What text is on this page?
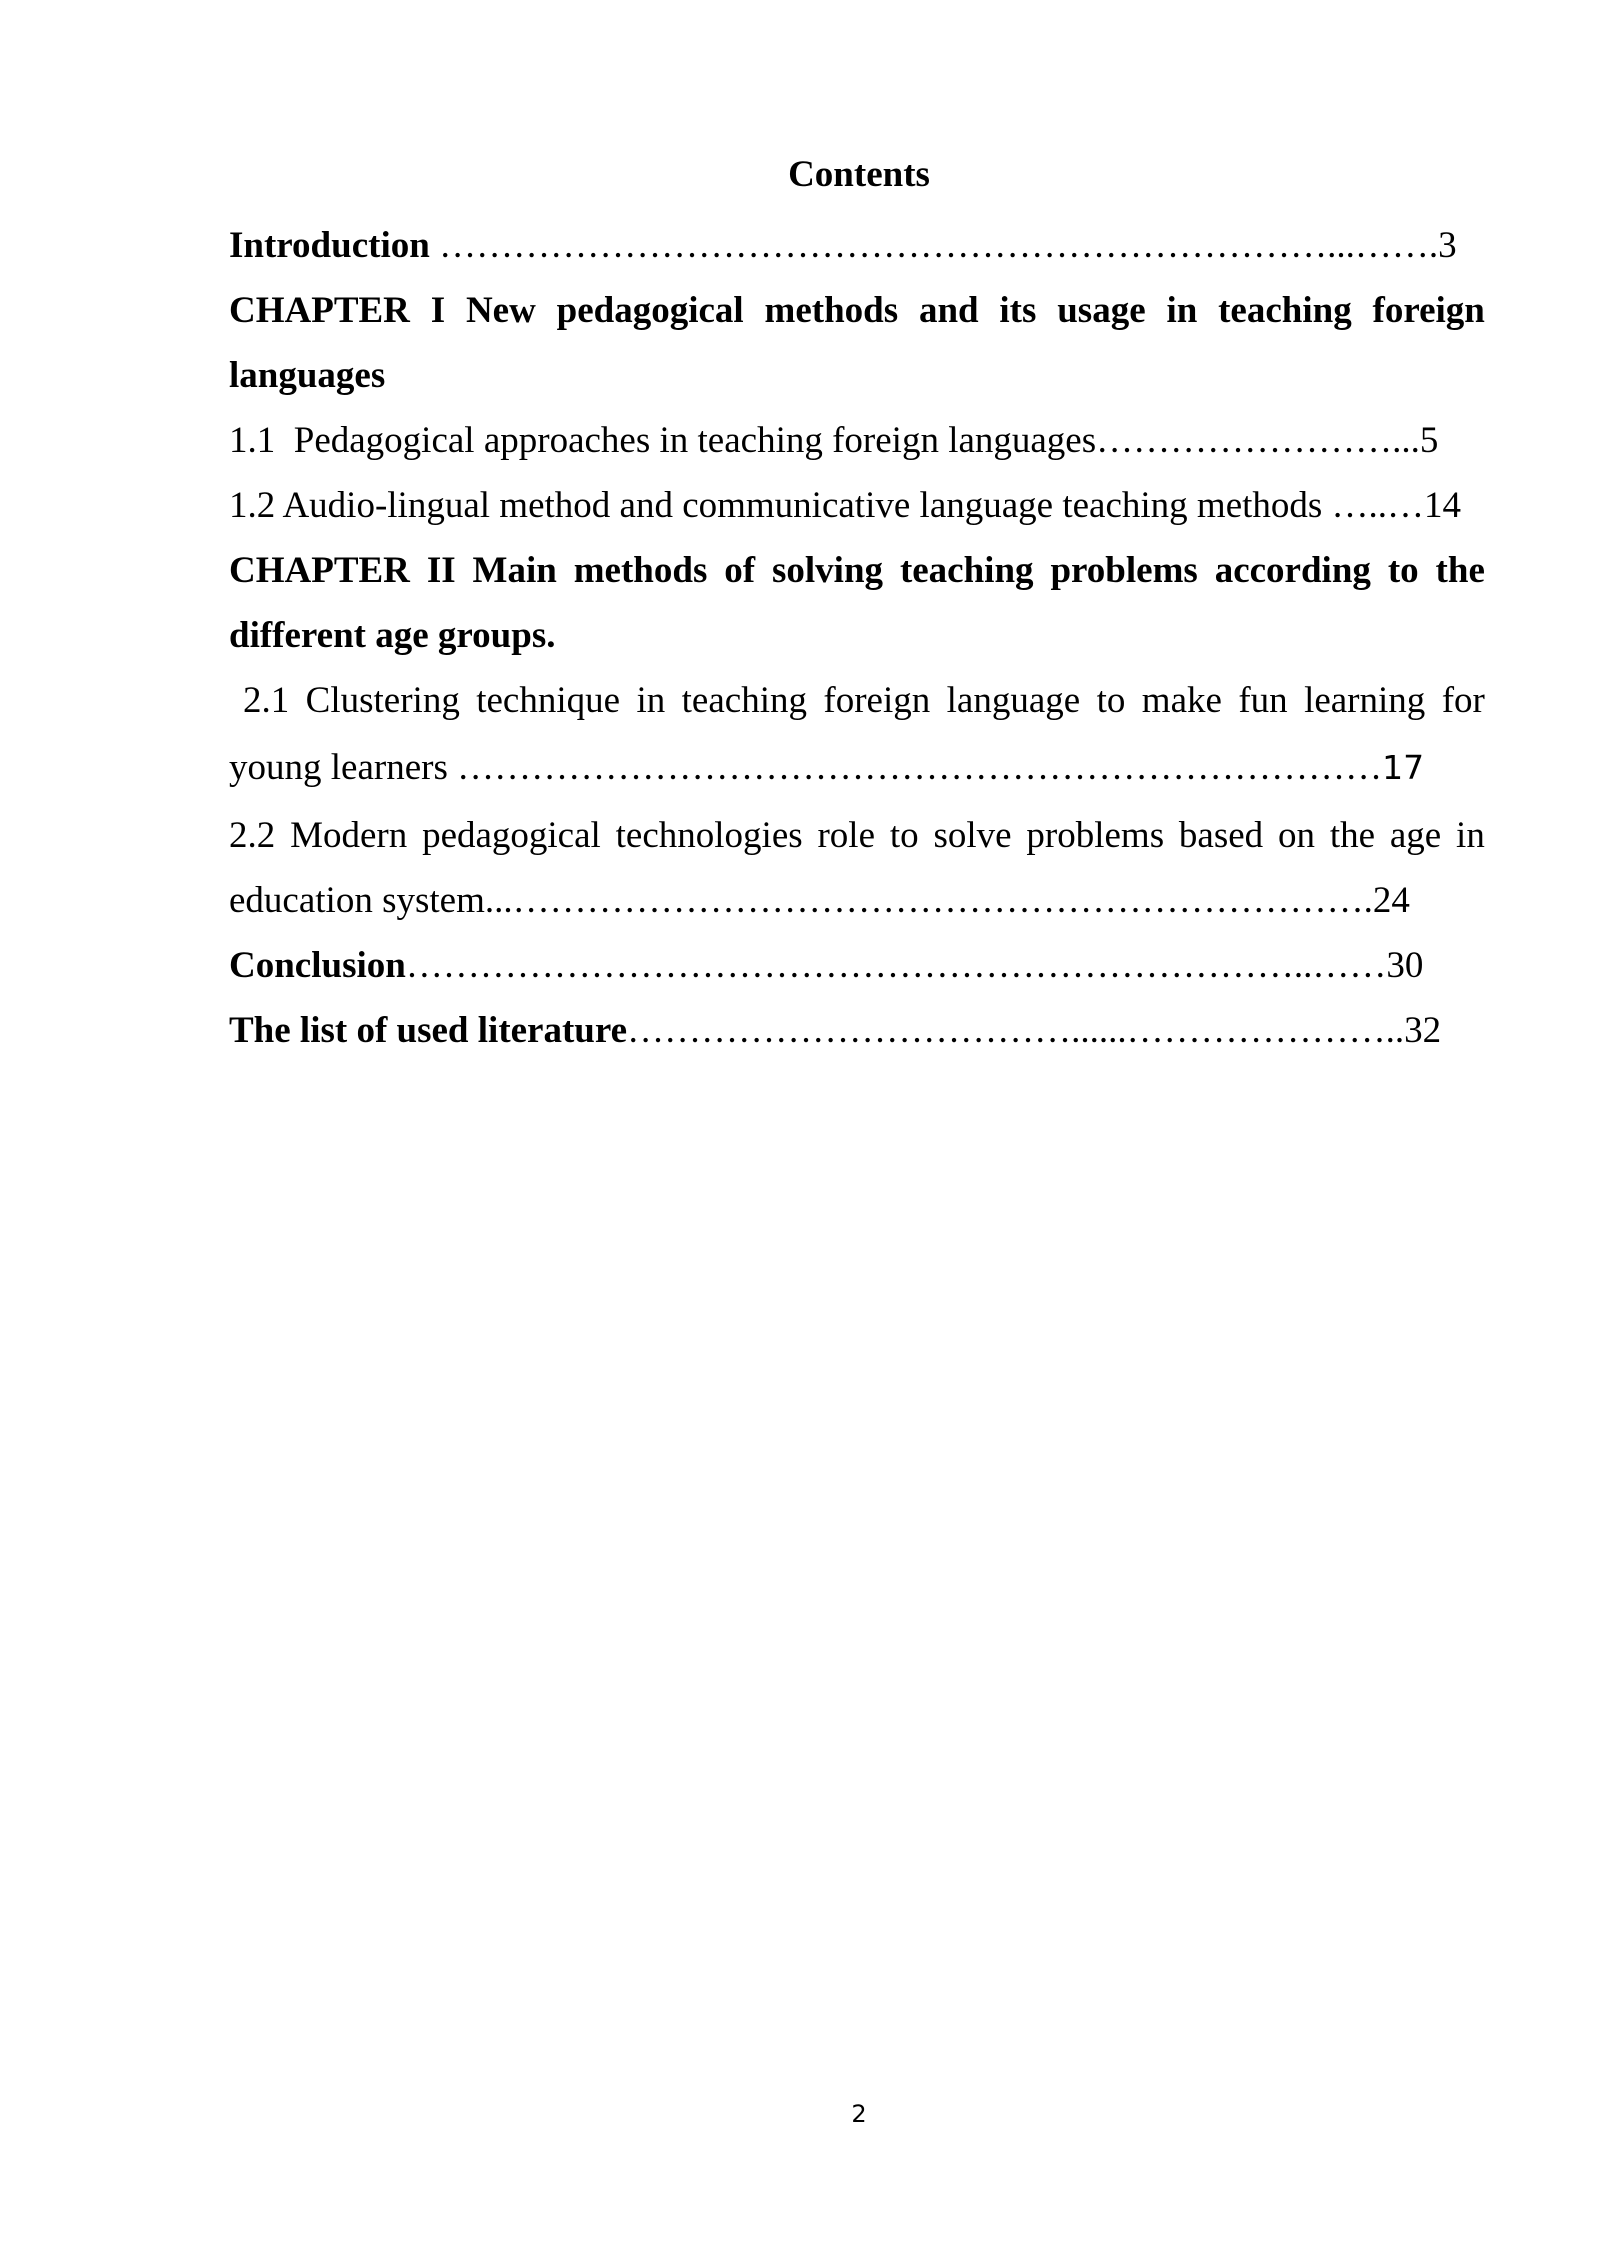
Contents
Introduction ………………………………………………………………...…….3
CHAPTER I New pedagogical methods and its usage in teaching foreign
languages
1.1  Pedagogical approaches in teaching foreign languages……………………...5
1.2 Audio-lingual method and communicative language teaching methods …..…14
CHAPTER II Main methods of solving teaching problems according to the
different age groups.
2.1 Clustering technique in teaching foreign language to make fun learning for
young learners …………………………………………………………………17
2.2 Modern pedagogical technologies role to solve problems based on the age in
education system...…………………………………………………………….24
Conclusion………………………………………………………………..……30
The list of used literature………………………………......…………………..32
2
